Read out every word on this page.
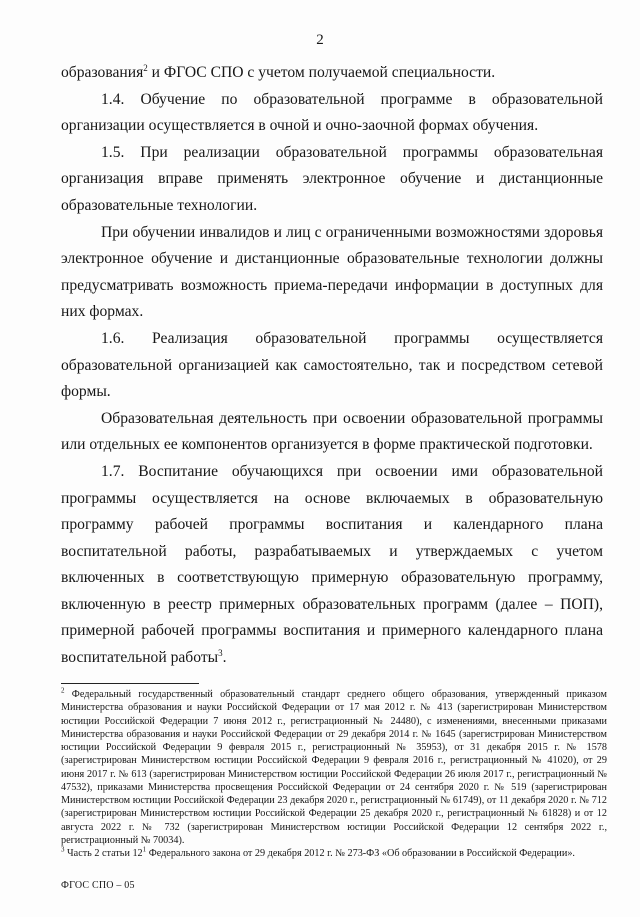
2

образования$^2$ и ФГОС СПО с учетом получаемой специальности.

1.4. Обучение по образовательной программе в образовательной организации осуществляется в очной и очно-заочной формах обучения.

1.5. При реализации образовательной программы образовательная организация вправе применять электронное обучение и дистанционные образовательные технологии.

При обучении инвалидов и лиц с ограниченными возможностями здоровья электронное обучение и дистанционные образовательные технологии должны предусматривать возможность приема-передачи информации в доступных для них формах.

1.6. Реализация образовательной программы осуществляется образовательной организацией как самостоятельно, так и посредством сетевой формы.

Образовательная деятельность при освоении образовательной программы или отдельных ее компонентов организуется в форме практической подготовки.

1.7. Воспитание обучающихся при освоении ими образовательной программы осуществляется на основе включаемых в образовательную программу рабочей программы воспитания и календарного плана воспитательной работы, разрабатываемых и утверждаемых с учетом включенных в соответствующую примерную образовательную программу, включенную в реестр примерных образовательных программ (далее – ПОП), примерной рабочей программы воспитания и примерного календарного плана воспитательной работы$^3$.

$^2$ Федеральный государственный образовательный стандарт среднего общего образования, утвержденный приказом Министерства образования и науки Российской Федерации от 17 мая 2012 г. № 413 (зарегистрирован Министерством юстиции Российской Федерации 7 июня 2012 г., регистрационный № 24480), с изменениями, внесенными приказами Министерства образования и науки Российской Федерации от 29 декабря 2014 г. № 1645 (зарегистрирован Министерством юстиции Российской Федерации 9 февраля 2015 г., регистрационный № 35953), от 31 декабря 2015 г. № 1578 (зарегистрирован Министерством юстиции Российской Федерации 9 февраля 2016 г., регистрационный № 41020), от 29 июня 2017 г. № 613 (зарегистрирован Министерством юстиции Российской Федерации 26 июля 2017 г., регистрационный № 47532), приказами Министерства просвещения Российской Федерации от 24 сентября 2020 г. № 519 (зарегистрирован Министерством юстиции Российской Федерации 23 декабря 2020 г., регистрационный № 61749), от 11 декабря 2020 г. № 712 (зарегистрирован Министерством юстиции Российской Федерации 25 декабря 2020 г., регистрационный № 61828) и от 12 августа 2022 г. № 732 (зарегистрирован Министерством юстиции Российской Федерации 12 сентября 2022 г., регистрационный № 70034).

$^3$ Часть 2 статьи $12^1$ Федерального закона от 29 декабря 2012 г. № 273-ФЗ «Об образовании в Российской Федерации».

ФГОС СПО – 05
